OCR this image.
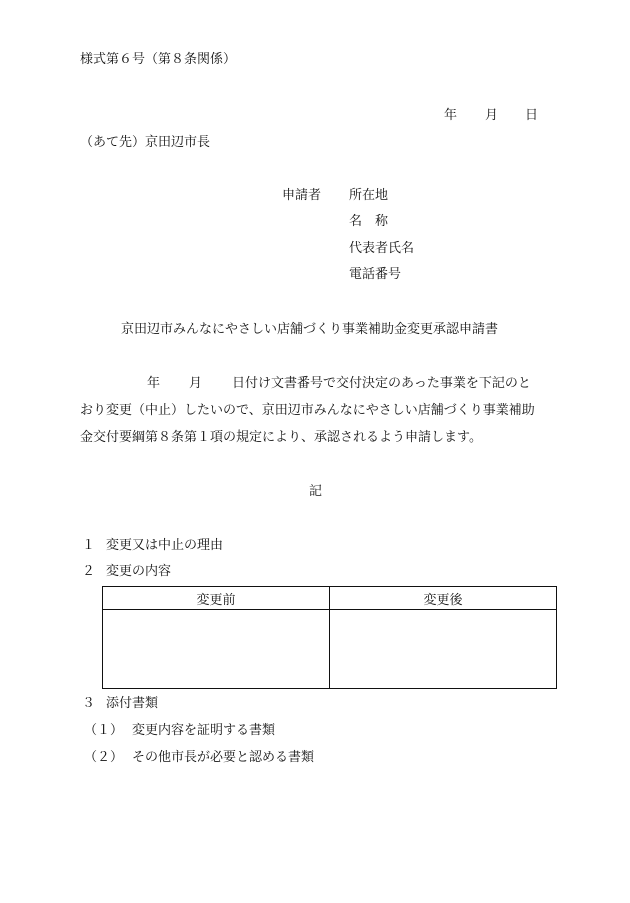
様式第６号（第８条関係）
年 月 日
（あて先）京田辺市長
申請者 所在地
名　称
代表者氏名
電話番号
京田辺市みんなにやさしい店舗づくり事業補助金変更承認申請書
年 月 日付け文書番号で交付決定のあった事業を下記のと
おり変更（中止）したいので、京田辺市みんなにやさしい店舗づくり事業補助
金交付要綱第８条第１項の規定により、承認されるよう申請します。
記
１ 変更又は中止の理由
２ 変更の内容
変更前	変更後

３ 添付書類
（１） 変更内容を証明する書類
（２） その他市長が必要と認める書類
